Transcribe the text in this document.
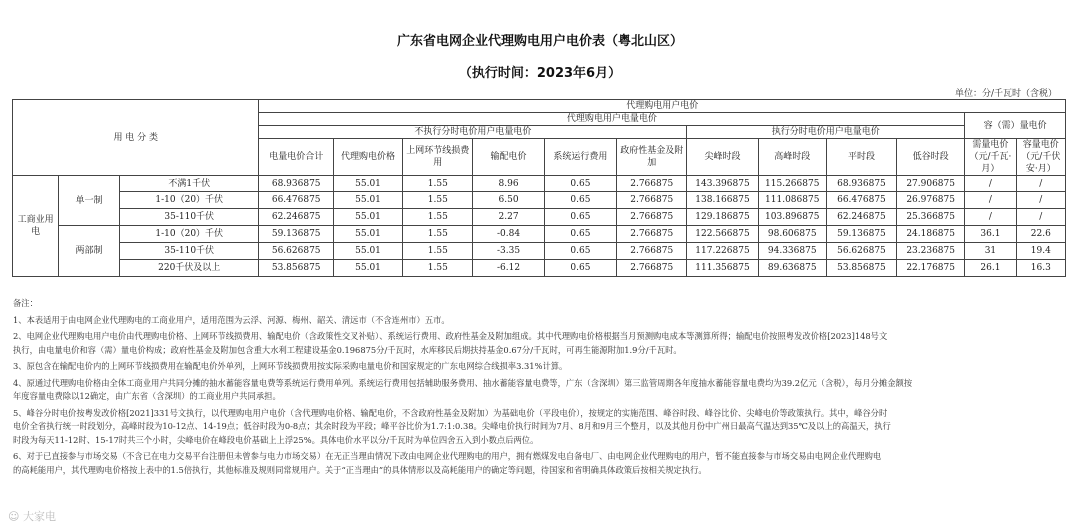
广东省电网企业代理购电用户电价表（粤北山区）
（执行时间：2023年6月）
单位：分/千瓦时（含税）
用 电 分 类			代理购电用户电价											
			代理购电用户电量电价										容（需）量电价	
			不执行分时电价用户电量电价						执行分时电价用户电量电价					
			电量电价合计	代理购电价格	上网环节线损费用	输配电价	系统运行费用	政府性基金及附加	尖峰时段	高峰时段	平时段	低谷时段	需量电价（元/千瓦·月）	容量电价（元/千伏安·月）
工商业用电	单一制	不满1千伏	68.936875	55.01	1.55	8.96	0.65	2.766875	143.396875	115.266875	68.936875	27.906875	/	/
		1-10（20）千伏	66.476875	55.01	1.55	6.50	0.65	2.766875	138.166875	111.086875	66.476875	26.976875	/	/
		35-110千伏	62.246875	55.01	1.55	2.27	0.65	2.766875	129.186875	103.896875	62.246875	25.366875	/	/
	两部制	1-10（20）千伏	59.136875	55.01	1.55	-0.84	0.65	2.766875	122.566875	98.606875	59.136875	24.186875	36.1	22.6
		35-110千伏	56.626875	55.01	1.55	-3.35	0.65	2.766875	117.226875	94.336875	56.626875	23.236875	31	19.4
		220千伏及以上	53.856875	55.01	1.55	-6.12	0.65	2.766875	111.356875	89.636875	53.856875	22.176875	26.1	16.3

备注：

1、本表适用于由电网企业代理购电的工商业用户，适用范围为云浮、河源、梅州、韶关、清远市（不含连州市）五市。

2、电网企业代理购电用户电价由代理购电价格、上网环节线损费用、输配电价（含政策性交叉补贴）、系统运行费用、政府性基金及附加组成。其中代理购电价格根据当月预测购电成本等测算所得；输配电价按照粤发改价格[2023]148号文

执行，由电量电价和容（需）量电价构成；政府性基金及附加包含重大水利工程建设基金0.196875分/千瓦时，水库移民后期扶持基金0.67分/千瓦时，可再生能源附加1.9分/千瓦时。

3、原包含在输配电价内的上网环节线损费用在输配电价外单列，上网环节线损费用按实际采购电量电价和国家规定的广东电网综合线损率3.31%计算。

4、原通过代理购电价格由全体工商业用户共同分摊的抽水蓄能容量电费等系统运行费用单列。系统运行费用包括辅助服务费用、抽水蓄能容量电费等，广东（含深圳）第三监管周期各年度抽水蓄能容量电费均为39.2亿元（含税），每月分摊金额按

年度容量电费除以12确定，由广东省（含深圳）的工商业用户共同承担。

5、峰谷分时电价按粤发改价格[2021]331号文执行，以代理购电用户电价（含代理购电价格、输配电价，不含政府性基金及附加）为基础电价（平段电价），按规定的实施范围、峰谷时段、峰谷比价、尖峰电价等政策执行。其中，峰谷分时

电价全省执行统一时段划分，高峰时段为10-12点、14-19点；低谷时段为0-8点；其余时段为平段；峰平谷比价为1.7:1:0.38。尖峰电价执行时间为7月、8月和9月三个整月，以及其他月份中广州日最高气温达到35℃及以上的高温天，执行

时段为每天11-12时、15-17时共三个小时，尖峰电价在峰段电价基础上上浮25%。具体电价水平以分/千瓦时为单位四舍五入到小数点后两位。

6、对于已直接参与市场交易（不含已在电力交易平台注册但未曾参与电力市场交易）在无正当理由情况下改由电网企业代理购电的用户，拥有燃煤发电自备电厂、由电网企业代理购电的用户，暂不能直接参与市场交易由电网企业代理购电

的高耗能用户，其代理购电价格按上表中的1.5倍执行，其他标准及规则同常规用户。关于“正当理由”的具体情形以及高耗能用户的确定等问题，待国家和省明确具体政策后按相关规定执行。

☺ 大家电
